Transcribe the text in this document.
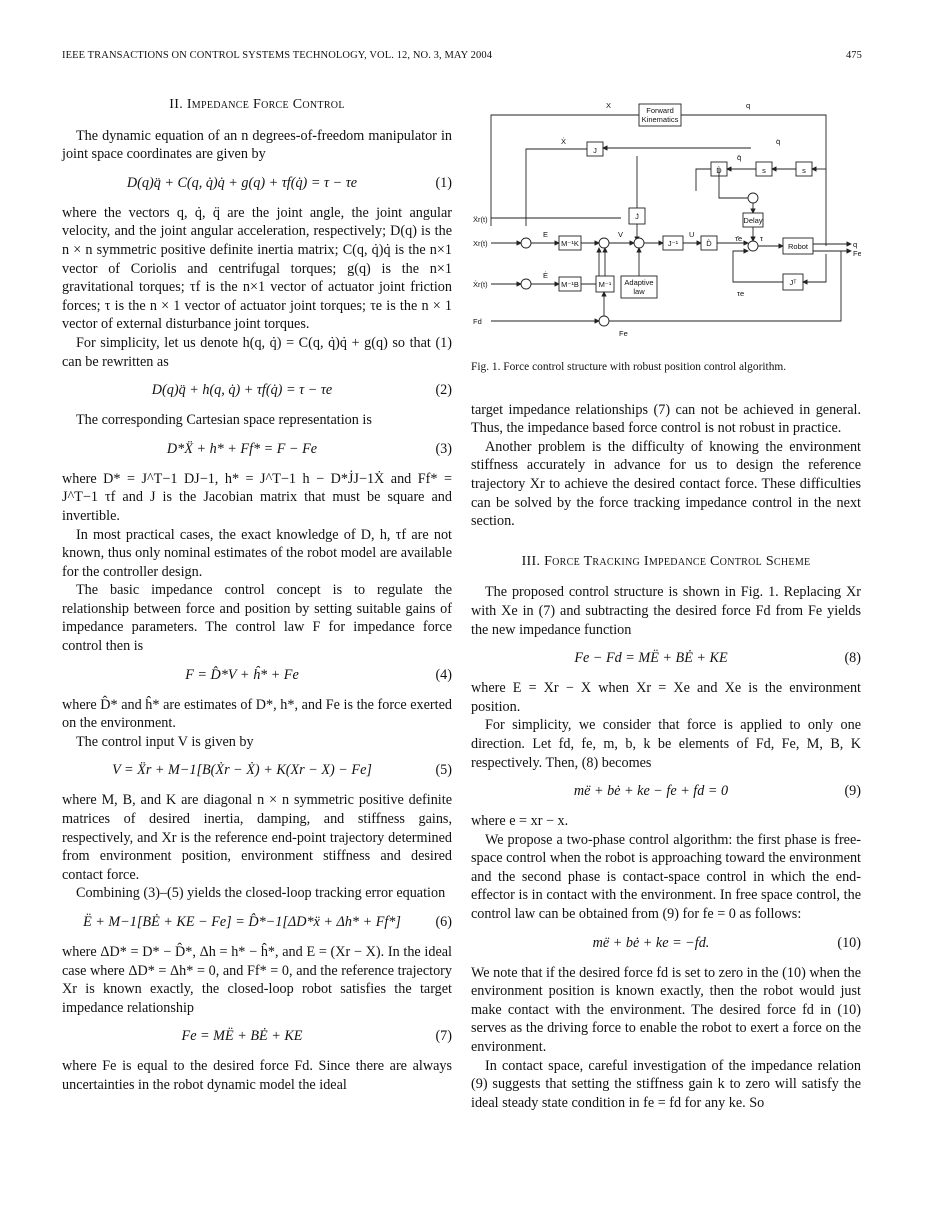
IEEE TRANSACTIONS ON CONTROL SYSTEMS TECHNOLOGY, VOL. 12, NO. 3, MAY 2004	475
II. Impedance Force Control

The dynamic equation of an n degrees-of-freedom manipulator in joint space coordinates are given by

D(q)q̈ + C(q, q̇)q̇ + g(q) + τf(q̇) = τ − τe	(1)

where the vectors q, q̇, q̈ are the joint angle, the joint angular velocity, and the joint angular acceleration, respectively; D(q) is the n × n symmetric positive definite inertia matrix; C(q, q̇)q̇ is the n×1 vector of Coriolis and centrifugal torques; g(q) is the n×1 gravitational torques; τf is the n×1 vector of actuator joint friction forces; τ is the n × 1 vector of actuator joint torques; τe is the n × 1 vector of external disturbance joint torques.

For simplicity, let us denote h(q, q̇) = C(q, q̇)q̇ + g(q) so that (1) can be rewritten as

D(q)q̈ + h(q, q̇) + τf(q̇) = τ − τe	(2)

The corresponding Cartesian space representation is

D*Ẍ + h* + Ff* = F − Fe	(3)

where D* = J^T−1 DJ−1, h* = J^T−1 h − D*J̇J−1Ẋ and Ff* = J^T−1 τf and J is the Jacobian matrix that must be square and invertible.

In most practical cases, the exact knowledge of D, h, τf are not known, thus only nominal estimates of the robot model are available for the controller design.

The basic impedance control concept is to regulate the relationship between force and position by setting suitable gains of impedance parameters. The control law F for impedance force control then is

F = D̂*V + ĥ* + Fe	(4)

where D̂* and ĥ* are estimates of D*, h*, and Fe is the force exerted on the environment.

The control input V is given by

V = Ẍr + M−1[B(Ẋr − Ẋ) + K(Xr − X) − Fe]	(5)

where M, B, and K are diagonal n × n symmetric positive definite matrices of desired inertia, damping, and stiffness gains, respectively, and Xr is the reference end-point trajectory determined from environment position, environment stiffness and desired contact force.

Combining (3)–(5) yields the closed-loop tracking error equation

Ë + M−1[BĖ + KE − Fe] = D̂*−1[ΔD*ẍ + Δh* + Ff*]	(6)

where ΔD* = D* − D̂*, Δh = h* − ĥ*, and E = (Xr − X). In the ideal case where ΔD* = Δh* = 0, and Ff* = 0, and the reference trajectory Xr is known exactly, the closed-loop robot satisfies the target impedance relationship

Fe = MË + BĖ + KE	(7)

where Fe is equal to the desired force Fd. Since there are always uncertainties in the robot dynamic model the ideal

Forward
Kinematics
X	q
J
Ẋ	q̇
q̄
D̂	s	s
Delay
J̇
Ẍr(t)
Xr(t)
Ẋr(t)
E
Ė
M⁻¹K
V
J⁻¹
U
D̂
τ̄e τ
Robot	q
Fe
M⁻¹B	M⁻¹ Adaptive
law
Jᵀ
τe
Fd
Fe

Fig. 1. Force control structure with robust position control algorithm.

target impedance relationships (7) can not be achieved in general. Thus, the impedance based force control is not robust in practice.

Another problem is the difficulty of knowing the environment stiffness accurately in advance for us to design the reference trajectory Xr to achieve the desired contact force. These difficulties can be solved by the force tracking impedance control in the next section.

III. Force Tracking Impedance Control Scheme

The proposed control structure is shown in Fig. 1. Replacing Xr with Xe in (7) and subtracting the desired force Fd from Fe yields the new impedance function

Fe − Fd = MË + BĖ + KE	(8)

where E = Xr − X when Xr = Xe and Xe is the environment position.

For simplicity, we consider that force is applied to only one direction. Let fd, fe, m, b, k be elements of Fd, Fe, M, B, K respectively. Then, (8) becomes

më + bė + ke − fe + fd = 0	(9)

where e = xr − x.

We propose a two-phase control algorithm: the first phase is free-space control when the robot is approaching toward the environment and the second phase is contact-space control in which the end-effector is in contact with the environment. In free space control, the control law can be obtained from (9) for fe = 0 as follows:

më + bė + ke = −fd.	(10)

We note that if the desired force fd is set to zero in the (10) when the environment position is known exactly, then the robot would just make contact with the environment. The desired force fd in (10) serves as the driving force to enable the robot to exert a force on the environment.

In contact space, careful investigation of the impedance relation (9) suggests that setting the stiffness gain k to zero will satisfy the ideal steady state condition in fe = fd for any ke. So
